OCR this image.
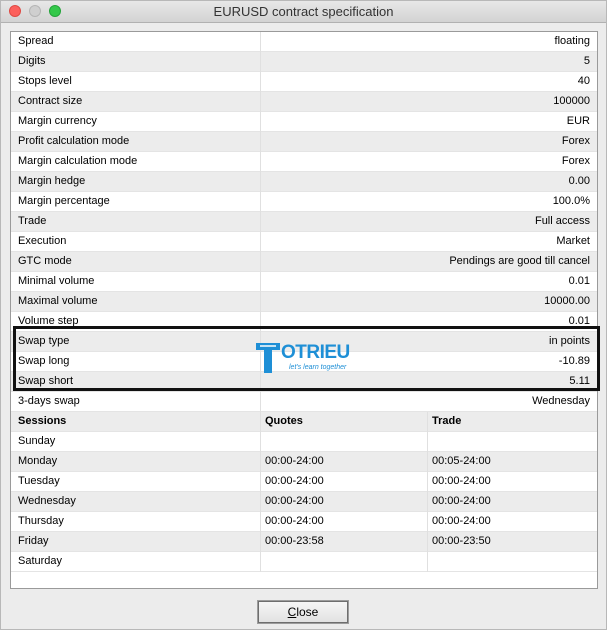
EURUSD contract specification
Spread	floating
Digits	5
Stops level	40
Contract size	100000
Margin currency	EUR
Profit calculation mode	Forex
Margin calculation mode	Forex
Margin hedge	0.00
Margin percentage	100.0%
Trade	Full access
Execution	Market
GTC mode	Pendings are good till cancel
Minimal volume	0.01
Maximal volume	10000.00
Volume step	0.01
Swap type	in points
Swap long	-10.89
Swap short	5.11
3-days swap	Wednesday
Sessions	Quotes	Trade
Sunday
Monday	00:00-24:00	00:05-24:00
Tuesday	00:00-24:00	00:00-24:00
Wednesday	00:00-24:00	00:00-24:00
Thursday	00:00-24:00	00:00-24:00
Friday	00:00-23:58	00:00-23:50
Saturday
OTRIEU
let's learn together
Close
